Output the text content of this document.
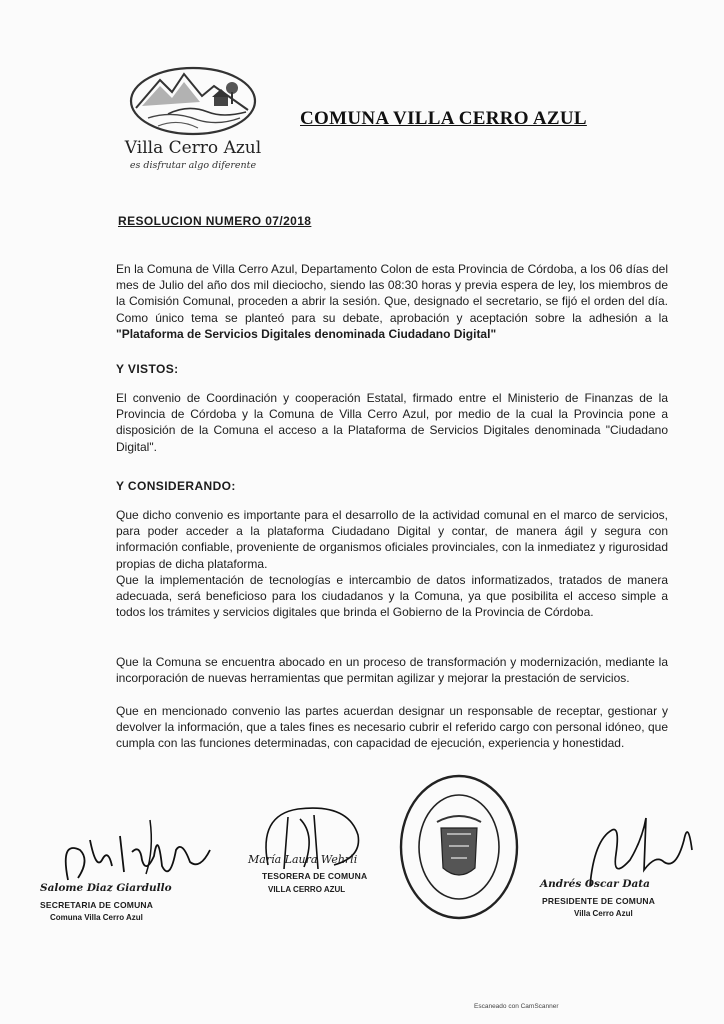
Villa Cerro Azul
es disfrutar algo diferente
COMUNA VILLA CERRO AZUL
RESOLUCION NUMERO 07/2018
En la Comuna de Villa Cerro Azul, Departamento Colon de esta Provincia de Córdoba, a los 06 días del mes de Julio del año dos mil dieciocho, siendo las 08:30 horas y previa espera de ley, los miembros de la Comisión Comunal, proceden a abrir la sesión. Que, designado el secretario, se fijó el orden del día. Como único tema se planteó para su debate, aprobación y aceptación sobre la adhesión a la "Plataforma de Servicios Digitales denominada Ciudadano Digital"
Y VISTOS:
El convenio de Coordinación y cooperación Estatal, firmado entre el Ministerio de Finanzas de la Provincia de Córdoba y la Comuna de Villa Cerro Azul, por medio de la cual la Provincia pone a disposición de la Comuna el acceso a la Plataforma de Servicios Digitales denominada "Ciudadano Digital".
Y CONSIDERANDO:
Que dicho convenio es importante para el desarrollo de la actividad comunal en el marco de servicios, para poder acceder a la plataforma Ciudadano Digital y contar, de manera ágil y segura con información confiable, proveniente de organismos oficiales provinciales, con la inmediatez y rigurosidad propias de dicha plataforma.
Que la implementación de tecnologías e intercambio de datos informatizados, tratados de manera adecuada, será beneficioso para los ciudadanos y la Comuna, ya que posibilita el acceso simple a todos los trámites y servicios digitales que brinda el Gobierno de la Provincia de Córdoba.
Que la Comuna se encuentra abocado en un proceso de transformación y modernización, mediante la incorporación de nuevas herramientas que permitan agilizar y mejorar la prestación de servicios.
Que en mencionado convenio las partes acuerdan designar un responsable de receptar, gestionar y devolver la información, que a tales fines es necesario cubrir el referido cargo con personal idóneo, que cumpla con las funciones determinadas, con capacidad de ejecución, experiencia y honestidad.
Salome Diaz Giardullo
SECRETARIA DE COMUNA
Comuna Villa Cerro Azul
María Laura Wehrli
TESORERA DE COMUNA
VILLA CERRO AZUL	Andrés Oscar Data
PRESIDENTE DE COMUNA
Villa Cerro Azul
Escaneado con CamScanner
